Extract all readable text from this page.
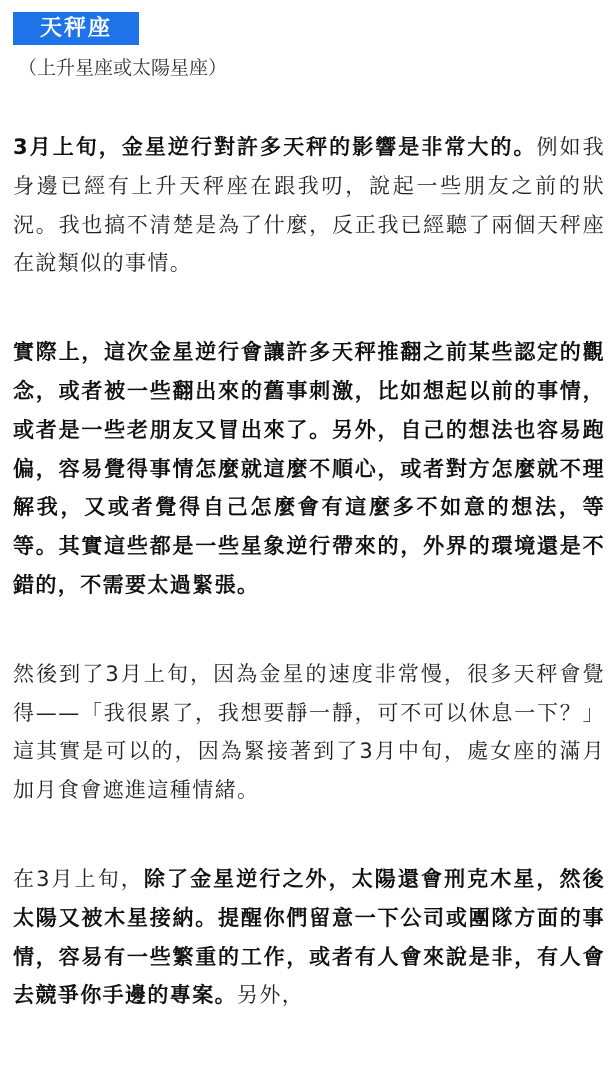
天秤座
（上升星座或太陽星座）

3月上旬，金星逆行對許多天秤的影響是非常大的。例如我身邊已經有上升天秤座在跟我叨，說起一些朋友之前的狀況。我也搞不清楚是為了什麼，反正我已經聽了兩個天秤座在說類似的事情。

實際上，這次金星逆行會讓許多天秤推翻之前某些認定的觀念，或者被一些翻出來的舊事刺激，比如想起以前的事情，或者是一些老朋友又冒出來了。另外，自己的想法也容易跑偏，容易覺得事情怎麼就這麼不順心，或者對方怎麼就不理解我，又或者覺得自己怎麼會有這麼多不如意的想法，等等。其實這些都是一些星象逆行帶來的，外界的環境還是不錯的，不需要太過緊張。

然後到了3月上旬，因為金星的速度非常慢，很多天秤會覺得——「我很累了，我想要靜一靜，可不可以休息一下？」這其實是可以的，因為緊接著到了3月中旬，處女座的滿月加月食會遮進這種情緒。

在3月上旬，除了金星逆行之外，太陽還會刑克木星，然後太陽又被木星接納。提醒你們留意一下公司或團隊方面的事情，容易有一些繁重的工作，或者有人會來說是非，有人會去競爭你手邊的專案。另外，
